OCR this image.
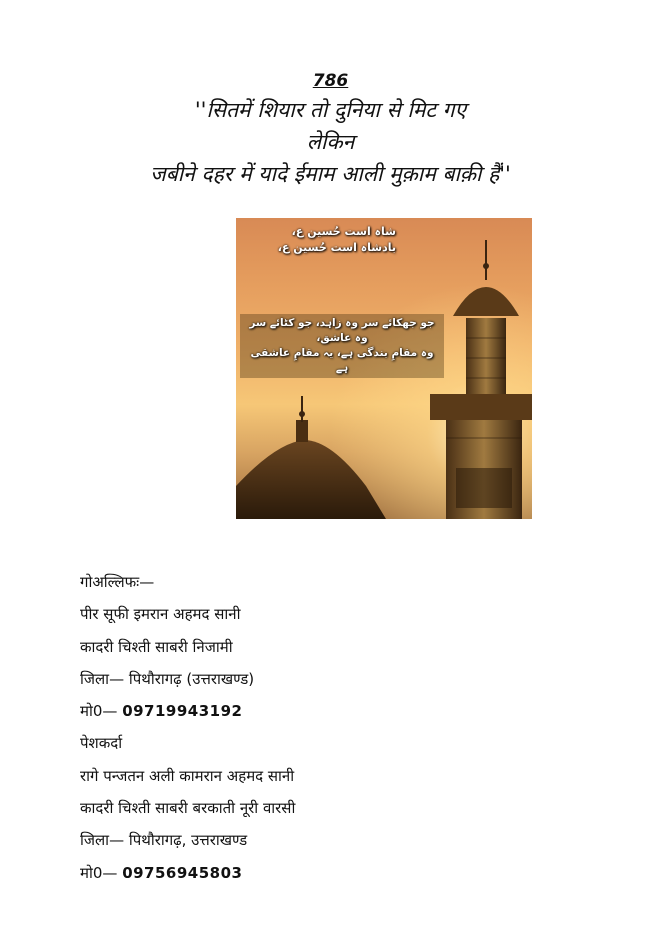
786
''सितमें शियार तो दुनिया से मिट गए
लेकिन
जबीने दहर में यादे ईमाम आली मुक़ाम बाक़ी हैं''
شاہ است حُسین ع،
بادشاہ است حُسین ع،
جو جھکائے سر وہ زاہد، جو کٹائے سر
وہ عاشق،
وہ مقامِ بندگی ہے، یہ مقامِ عاشقی
ہے
गोअल्लिफः—
पीर सूफी इमरान अहमद सानी
कादरी चिश्ती साबरी निजामी
जिला— पिथौरागढ़ (उत्तराखण्ड)
मो0— 09719943192
पेशकर्दा
रागे पन्जतन अली कामरान अहमद सानी
कादरी चिश्ती साबरी बरकाती नूरी वारसी
जिला— पिथौरागढ़, उत्तराखण्ड
मो0— 09756945803
